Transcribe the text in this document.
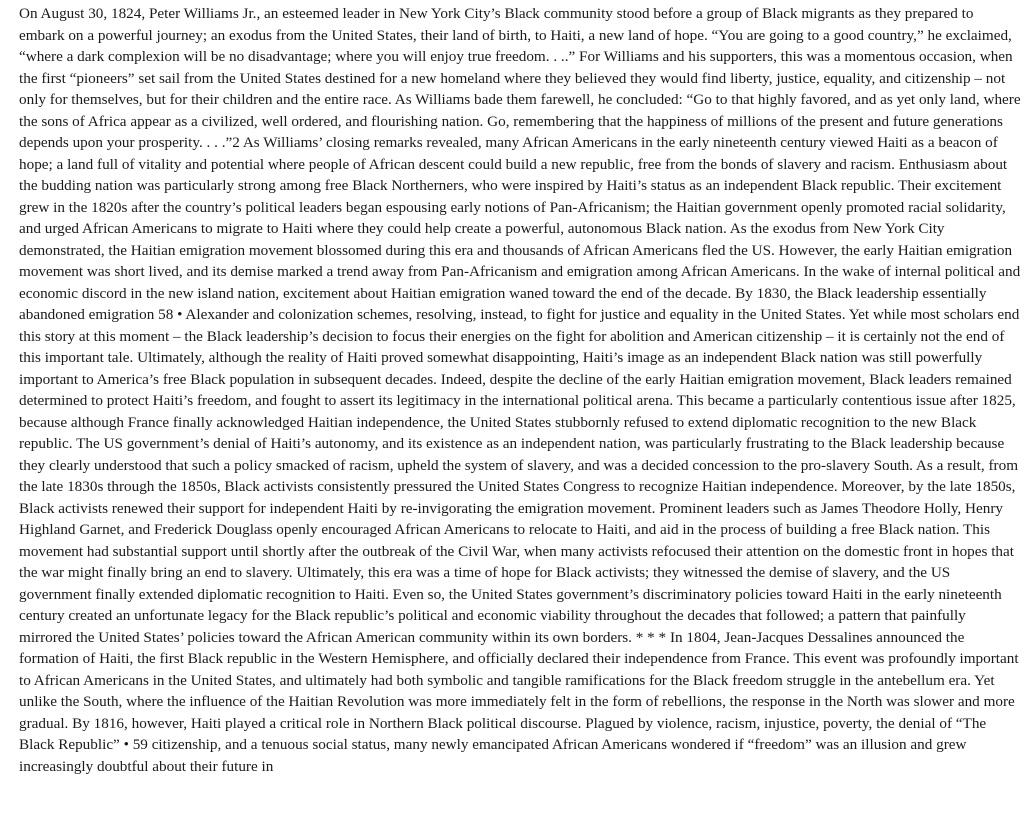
On August 30, 1824, Peter Williams Jr., an esteemed leader in New York City’s Black community stood before a group of Black migrants as they prepared to embark on a powerful journey; an exodus from the United States, their land of birth, to Haiti, a new land of hope. “You are going to a good country,” he exclaimed, “where a dark complexion will be no disadvantage; where you will enjoy true freedom. . ..” For Williams and his supporters, this was a momentous occasion, when the first “pioneers” set sail from the United States destined for a new homeland where they believed they would find liberty, justice, equality, and citizenship – not only for themselves, but for their children and the entire race. As Williams bade them farewell, he concluded: “Go to that highly favored, and as yet only land, where the sons of Africa appear as a civilized, well ordered, and flourishing nation. Go, remembering that the happiness of millions of the present and future generations depends upon your prosperity. . . .”2 As Williams’ closing remarks revealed, many African Americans in the early nineteenth century viewed Haiti as a beacon of hope; a land full of vitality and potential where people of African descent could build a new republic, free from the bonds of slavery and racism. Enthusiasm about the budding nation was particularly strong among free Black Northerners, who were inspired by Haiti’s status as an independent Black republic. Their excitement grew in the 1820s after the country’s political leaders began espousing early notions of Pan-Africanism; the Haitian government openly promoted racial solidarity, and urged African Americans to migrate to Haiti where they could help create a powerful, autonomous Black nation. As the exodus from New York City demonstrated, the Haitian emigration movement blossomed during this era and thousands of African Americans fled the US. However, the early Haitian emigration movement was short lived, and its demise marked a trend away from Pan-Africanism and emigration among African Americans. In the wake of internal political and economic discord in the new island nation, excitement about Haitian emigration waned toward the end of the decade. By 1830, the Black leadership essentially abandoned emigration 58 • Alexander and colonization schemes, resolving, instead, to fight for justice and equality in the United States. Yet while most scholars end this story at this moment – the Black leadership’s decision to focus their energies on the fight for abolition and American citizenship – it is certainly not the end of this important tale. Ultimately, although the reality of Haiti proved somewhat disappointing, Haiti’s image as an independent Black nation was still powerfully important to America’s free Black population in subsequent decades. Indeed, despite the decline of the early Haitian emigration movement, Black leaders remained determined to protect Haiti’s freedom, and fought to assert its legitimacy in the international political arena. This became a particularly contentious issue after 1825, because although France finally acknowledged Haitian independence, the United States stubbornly refused to extend diplomatic recognition to the new Black republic. The US government’s denial of Haiti’s autonomy, and its existence as an independent nation, was particularly frustrating to the Black leadership because they clearly understood that such a policy smacked of racism, upheld the system of slavery, and was a decided concession to the pro-slavery South. As a result, from the late 1830s through the 1850s, Black activists consistently pressured the United States Congress to recognize Haitian independence. Moreover, by the late 1850s, Black activists renewed their support for independent Haiti by re-invigorating the emigration movement. Prominent leaders such as James Theodore Holly, Henry Highland Garnet, and Frederick Douglass openly encouraged African Americans to relocate to Haiti, and aid in the process of building a free Black nation. This movement had substantial support until shortly after the outbreak of the Civil War, when many activists refocused their attention on the domestic front in hopes that the war might finally bring an end to slavery. Ultimately, this era was a time of hope for Black activists; they witnessed the demise of slavery, and the US government finally extended diplomatic recognition to Haiti. Even so, the United States government’s discriminatory policies toward Haiti in the early nineteenth century created an unfortunate legacy for the Black republic’s political and economic viability throughout the decades that followed; a pattern that painfully mirrored the United States’ policies toward the African American community within its own borders. * * * In 1804, Jean-Jacques Dessalines announced the formation of Haiti, the first Black republic in the Western Hemisphere, and officially declared their independence from France. This event was profoundly important to African Americans in the United States, and ultimately had both symbolic and tangible ramifications for the Black freedom struggle in the antebellum era. Yet unlike the South, where the influence of the Haitian Revolution was more immediately felt in the form of rebellions, the response in the North was slower and more gradual. By 1816, however, Haiti played a critical role in Northern Black political discourse. Plagued by violence, racism, injustice, poverty, the denial of “The Black Republic” • 59 citizenship, and a tenuous social status, many newly emancipated African Americans wondered if “freedom” was an illusion and grew increasingly doubtful about their future in
